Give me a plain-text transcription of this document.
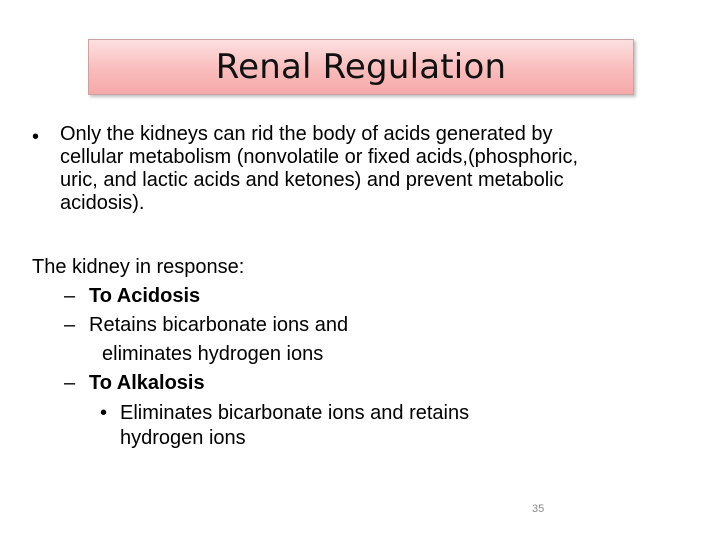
Renal Regulation
• Only the kidneys can rid the body of acids generated by
cellular metabolism (nonvolatile or fixed acids,(phosphoric,
uric, and lactic acids and ketones) and prevent metabolic
acidosis).
The kidney in response:
– To Acidosis
– Retains bicarbonate ions and
eliminates hydrogen ions
– To Alkalosis
• Eliminates bicarbonate ions and retains
hydrogen ions
35
